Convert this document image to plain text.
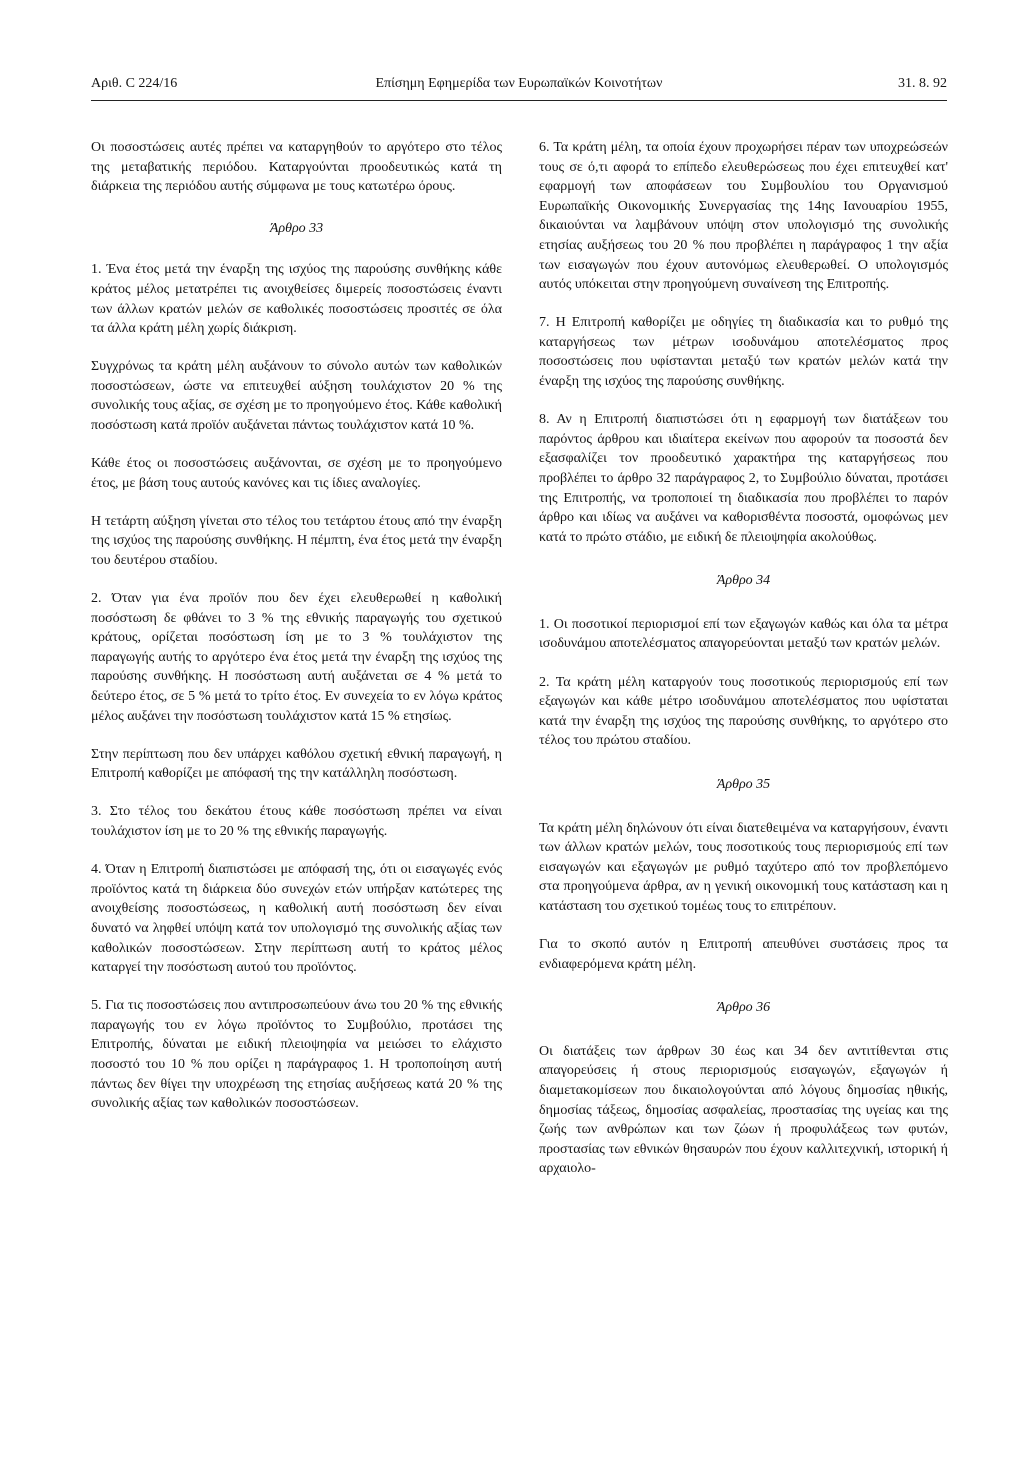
Αριθ. C 224/16	Επίσημη Εφημερίδα των Ευρωπαϊκών Κοινοτήτων	31. 8. 92

Οι ποσοστώσεις αυτές πρέπει να καταργηθούν το αργότερο στο τέλος της μεταβατικής περιόδου. Καταργούνται προοδευτικώς κατά τη διάρκεια της περιόδου αυτής σύμφωνα με τους κατωτέρω όρους.

Άρθρο 33

1. Ένα έτος μετά την έναρξη της ισχύος της παρούσης συνθήκης κάθε κράτος μέλος μετατρέπει τις ανοιχθείσες διμερείς ποσοστώσεις έναντι των άλλων κρατών μελών σε καθολικές ποσοστώσεις προσιτές σε όλα τα άλλα κράτη μέλη χωρίς διάκριση.

Συγχρόνως τα κράτη μέλη αυξάνουν το σύνολο αυτών των καθολικών ποσοστώσεων, ώστε να επιτευχθεί αύξηση τουλάχιστον 20 % της συνολικής τους αξίας, σε σχέση με το προηγούμενο έτος. Κάθε καθολική ποσόστωση κατά προϊόν αυξάνεται πάντως τουλάχιστον κατά 10 %.

Κάθε έτος οι ποσοστώσεις αυξάνονται, σε σχέση με το προηγούμενο έτος, με βάση τους αυτούς κανόνες και τις ίδιες αναλογίες.

Η τετάρτη αύξηση γίνεται στο τέλος του τετάρτου έτους από την έναρξη της ισχύος της παρούσης συνθήκης. Η πέμπτη, ένα έτος μετά την έναρξη του δευτέρου σταδίου.

2. Όταν για ένα προϊόν που δεν έχει ελευθερωθεί η καθολική ποσόστωση δε φθάνει το 3 % της εθνικής παραγωγής του σχετικού κράτους, ορίζεται ποσόστωση ίση με το 3 % τουλάχιστον της παραγωγής αυτής το αργότερο ένα έτος μετά την έναρξη της ισχύος της παρούσης συνθήκης. Η ποσόστωση αυτή αυξάνεται σε 4 % μετά το δεύτερο έτος, σε 5 % μετά το τρίτο έτος. Εν συνεχεία το εν λόγω κράτος μέλος αυξάνει την ποσόστωση τουλάχιστον κατά 15 % ετησίως.

Στην περίπτωση που δεν υπάρχει καθόλου σχετική εθνική παραγωγή, η Επιτροπή καθορίζει με απόφασή της την κατάλληλη ποσόστωση.

3. Στο τέλος του δεκάτου έτους κάθε ποσόστωση πρέπει να είναι τουλάχιστον ίση με το 20 % της εθνικής παραγωγής.

4. Όταν η Επιτροπή διαπιστώσει με απόφασή της, ότι οι εισαγωγές ενός προϊόντος κατά τη διάρκεια δύο συνεχών ετών υπήρξαν κατώτερες της ανοιχθείσης ποσοστώσεως, η καθολική αυτή ποσόστωση δεν είναι δυνατό να ληφθεί υπόψη κατά τον υπολογισμό της συνολικής αξίας των καθολικών ποσοστώσεων. Στην περίπτωση αυτή το κράτος μέλος καταργεί την ποσόστωση αυτού του προϊόντος.

5. Για τις ποσοστώσεις που αντιπροσωπεύουν άνω του 20 % της εθνικής παραγωγής του εν λόγω προϊόντος το Συμβούλιο, προτάσει της Επιτροπής, δύναται με ειδική πλειοψηφία να μειώσει το ελάχιστο ποσοστό του 10 % που ορίζει η παράγραφος 1. Η τροποποίηση αυτή πάντως δεν θίγει την υποχρέωση της ετησίας αυξήσεως κατά 20 % της συνολικής αξίας των καθολικών ποσοστώσεων.

6. Τα κράτη μέλη, τα οποία έχουν προχωρήσει πέραν των υποχρεώσεών τους σε ό,τι αφορά το επίπεδο ελευθερώσεως που έχει επιτευχθεί κατ' εφαρμογή των αποφάσεων του Συμβουλίου του Οργανισμού Ευρωπαϊκής Οικονομικής Συνεργασίας της 14ης Ιανουαρίου 1955, δικαιούνται να λαμβάνουν υπόψη στον υπολογισμό της συνολικής ετησίας αυξήσεως του 20 % που προβλέπει η παράγραφος 1 την αξία των εισαγωγών που έχουν αυτονόμως ελευθερωθεί. Ο υπολογισμός αυτός υπόκειται στην προηγούμενη συναίνεση της Επιτροπής.

7. Η Επιτροπή καθορίζει με οδηγίες τη διαδικασία και το ρυθμό της καταργήσεως των μέτρων ισοδυνάμου αποτελέσματος προς ποσοστώσεις που υφίστανται μεταξύ των κρατών μελών κατά την έναρξη της ισχύος της παρούσης συνθήκης.

8. Αν η Επιτροπή διαπιστώσει ότι η εφαρμογή των διατάξεων του παρόντος άρθρου και ιδιαίτερα εκείνων που αφορούν τα ποσοστά δεν εξασφαλίζει τον προοδευτικό χαρακτήρα της καταργήσεως που προβλέπει το άρθρο 32 παράγραφος 2, το Συμβούλιο δύναται, προτάσει της Επιτροπής, να τροποποιεί τη διαδικασία που προβλέπει το παρόν άρθρο και ιδίως να αυξάνει να καθορισθέντα ποσοστά, ομοφώνως μεν κατά το πρώτο στάδιο, με ειδική δε πλειοψηφία ακολούθως.

Άρθρο 34

1. Οι ποσοτικοί περιορισμοί επί των εξαγωγών καθώς και όλα τα μέτρα ισοδυνάμου αποτελέσματος απαγορεύονται μεταξύ των κρατών μελών.

2. Τα κράτη μέλη καταργούν τους ποσοτικούς περιορισμούς επί των εξαγωγών και κάθε μέτρο ισοδυνάμου αποτελέσματος που υφίσταται κατά την έναρξη της ισχύος της παρούσης συνθήκης, το αργότερο στο τέλος του πρώτου σταδίου.

Άρθρο 35

Τα κράτη μέλη δηλώνουν ότι είναι διατεθειμένα να καταργήσουν, έναντι των άλλων κρατών μελών, τους ποσοτικούς τους περιορισμούς επί των εισαγωγών και εξαγωγών με ρυθμό ταχύτερο από τον προβλεπόμενο στα προηγούμενα άρθρα, αν η γενική οικονομική τους κατάσταση και η κατάσταση του σχετικού τομέως τους το επιτρέπουν.

Για το σκοπό αυτόν η Επιτροπή απευθύνει συστάσεις προς τα ενδιαφερόμενα κράτη μέλη.

Άρθρο 36

Οι διατάξεις των άρθρων 30 έως και 34 δεν αντιτίθενται στις απαγορεύσεις ή στους περιορισμούς εισαγωγών, εξαγωγών ή διαμετακομίσεων που δικαιολογούνται από λόγους δημοσίας ηθικής, δημοσίας τάξεως, δημοσίας ασφαλείας, προστασίας της υγείας και της ζωής των ανθρώπων και των ζώων ή προφυλάξεως των φυτών, προστασίας των εθνικών θησαυρών που έχουν καλλιτεχνική, ιστορική ή αρχαιολο-
